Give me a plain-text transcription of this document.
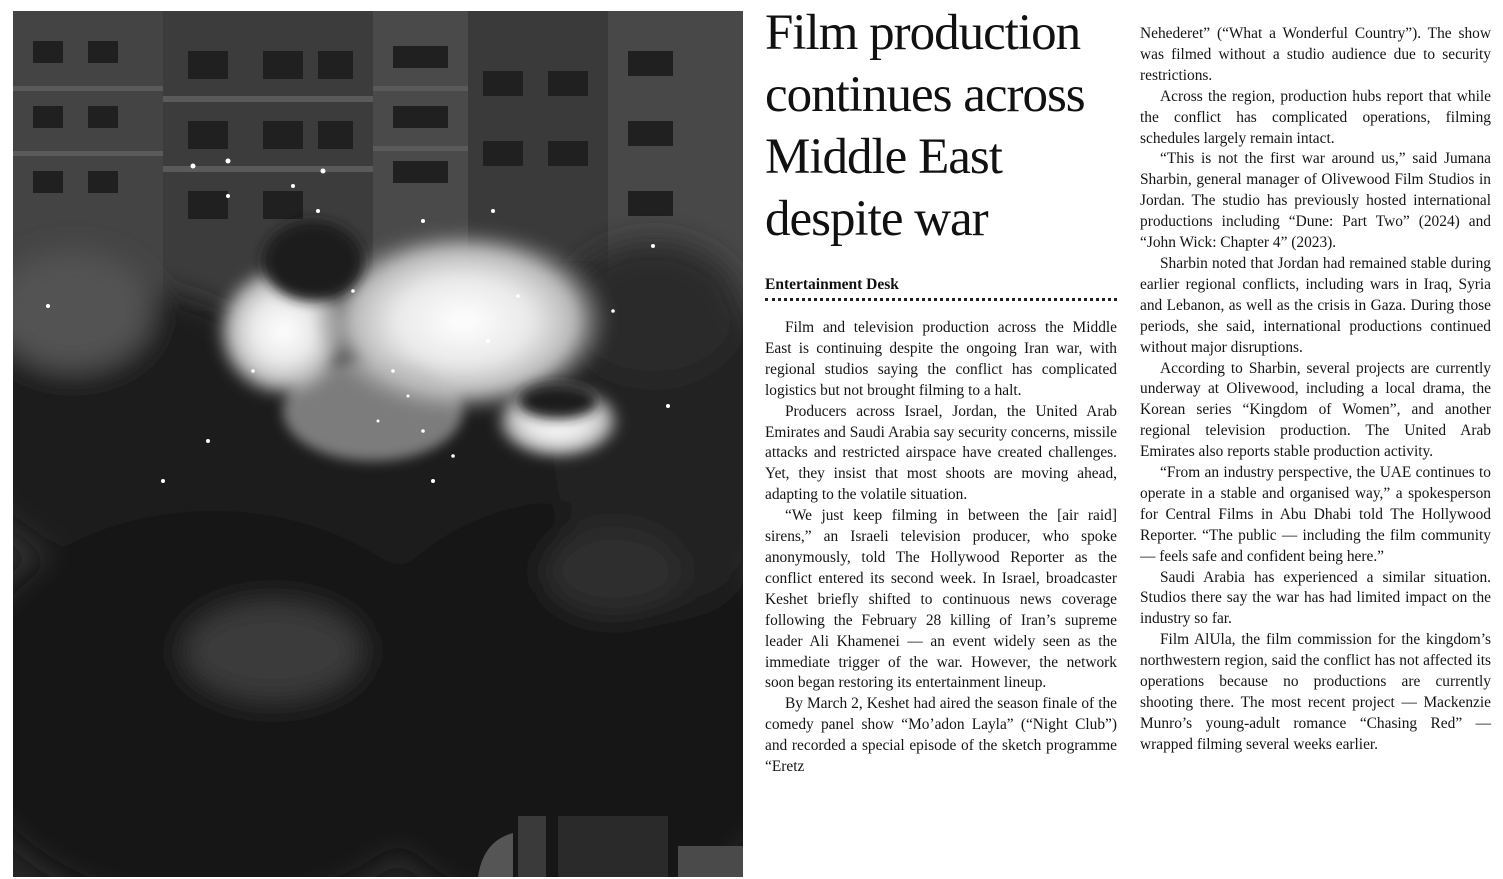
Film production
continues across
Middle East
despite war
Entertainment Desk

Film and television production across the Middle East is continuing despite the ongoing Iran war, with regional studios saying the conflict has complicated logistics but not brought filming to a halt.

Producers across Israel, Jordan, the United Arab Emirates and Saudi Arabia say security concerns, missile attacks and restricted airspace have created challenges. Yet, they insist that most shoots are moving ahead, adapting to the volatile situation.

“We just keep filming in between the [air raid] sirens,” an Israeli television producer, who spoke anonymously, told The Hollywood Reporter as the conflict entered its second week. In Israel, broadcaster Keshet briefly shifted to continuous news coverage following the February 28 killing of Iran’s supreme leader Ali Khamenei — an event widely seen as the immediate trigger of the war. However, the network soon began restoring its entertainment lineup.

By March 2, Keshet had aired the season finale of the comedy panel show “Mo’adon Layla” (“Night Club”) and recorded a special episode of the sketch programme “Eretz

Nehederet” (“What a Wonderful Country”). The show was filmed without a studio audience due to security restrictions.

Across the region, production hubs report that while the conflict has complicated operations, filming schedules largely remain intact.

“This is not the first war around us,” said Jumana Sharbin, general manager of Olivewood Film Studios in Jordan. The studio has previously hosted international productions including “Dune: Part Two” (2024) and “John Wick: Chapter 4” (2023).

Sharbin noted that Jordan had remained stable during earlier regional conflicts, including wars in Iraq, Syria and Lebanon, as well as the crisis in Gaza. During those periods, she said, international productions continued without major disruptions.

According to Sharbin, several projects are currently underway at Olivewood, including a local drama, the Korean series “Kingdom of Women”, and another regional television production. The United Arab Emirates also reports stable production activity.

“From an industry perspective, the UAE continues to operate in a stable and organised way,” a spokesperson for Central Films in Abu Dhabi told The Hollywood Reporter. “The public — including the film community — feels safe and confident being here.”

Saudi Arabia has experienced a similar situation. Studios there say the war has had limited impact on the industry so far.

Film AlUla, the film commission for the kingdom’s northwestern region, said the conflict has not affected its operations because no productions are currently shooting there. The most recent project — Mackenzie Munro’s young-adult romance “Chasing Red” — wrapped filming several weeks earlier.
